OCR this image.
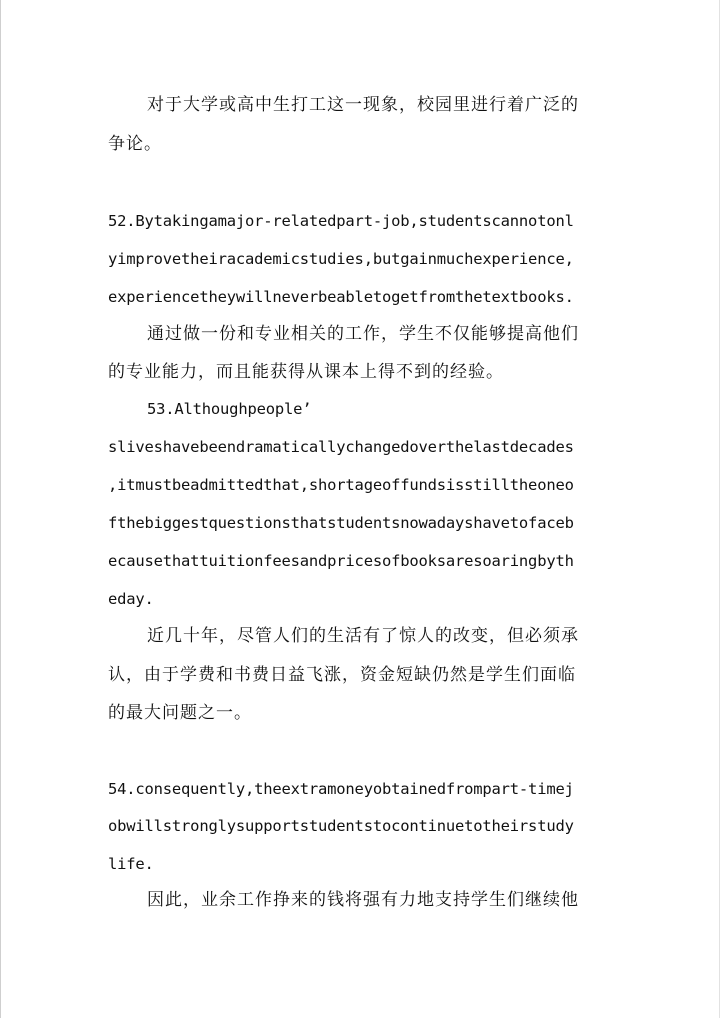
对于大学或高中生打工这一现象，校园里进行着广泛的

争论。

52.Bytakingamajor-relatedpart-job,studentscannotonl

yimprovetheiracademicstudies,butgainmuchexperience,

experiencetheywillneverbeabletogetfromthetextbooks.

通过做一份和专业相关的工作，学生不仅能够提高他们

的专业能力，而且能获得从课本上得不到的经验。

53.Althoughpeople’

sliveshavebeendramaticallychangedoverthelastdecades

,itmustbeadmittedthat,shortageoffundsisstilltheoneo

fthebiggestquestionsthatstudentsnowadayshavetofaceb

ecausethattuitionfeesandpricesofbooksaresoaringbyth

eday.

近几十年，尽管人们的生活有了惊人的改变，但必须承

认，由于学费和书费日益飞涨，资金短缺仍然是学生们面临

的最大问题之一。

54.consequently,theextramoneyobtainedfrompart-timej

obwillstronglysupportstudentstocontinuetotheirstudy

life.

因此，业余工作挣来的钱将强有力地支持学生们继续他
